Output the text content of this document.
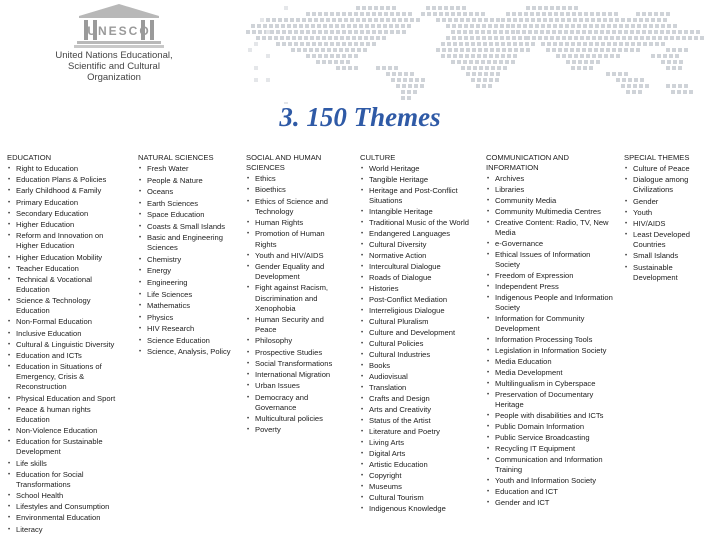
UNESCO
United Nations Educational,
Scientific and Cultural Organization
3. 150 Themes
EDUCATION
• Right to Education
• Education Plans & Policies
• Early Childhood & Family
• Primary Education
• Secondary Education
• Higher Education
• Reform and Innovation on Higher Education
• Higher Education Mobility
• Teacher Education
• Technical & Vocational Education
• Science & Technology Education
• Non-Formal Education
• Inclusive Education
• Cultural & Linguistic Diversity
• Education and ICTs
• Education in Situations of Emergency, Crisis & Reconstruction
• Physical Education and Sport
• Peace & human rights Education
• Non-Violence Education
• Education for Sustainable Development
• Life skills
• Education for Social Transformations
• School Health
• Lifestyles and Consumption
• Environmental Education
• Literacy
NATURAL SCIENCES
• Fresh Water
• People & Nature
• Oceans
• Earth Sciences
• Space Education
• Coasts & Small Islands
• Basic and Engineering Sciences
• Chemistry
• Energy
• Engineering
• Life Sciences
• Mathematics
• Physics
• HIV Research
• Science Education
• Science, Analysis, Policy
SOCIAL AND HUMAN SCIENCES
• Ethics
• Bioethics
• Ethics of Science and Technology
• Human Rights
• Promotion of Human Rights
• Youth and HIV/AIDS
• Gender Equality and Development
• Fight against Racism, Discrimination and Xenophobia
• Human Security and Peace
• Philosophy
• Prospective Studies
• Social Transformations
• International Migration
• Urban Issues
• Democracy and Governance
• Multicultural policies
• Poverty
CULTURE
• World Heritage
• Tangible Heritage
• Heritage and Post-Conflict Situations
• Intangible Heritage
• Traditional Music of the World
• Endangered Languages
• Cultural Diversity
• Normative Action
• Intercultural Dialogue
• Roads of Dialogue
• Histories
• Post-Conflict Mediation
• Interreligious Dialogue
• Cultural Pluralism
• Culture and Development
• Cultural Policies
• Cultural Industries
• Books
• Audiovisual
• Translation
• Crafts and Design
• Arts and Creativity
• Status of the Artist
• Literature and Poetry
• Living Arts
• Digital Arts
• Artistic Education
• Copyright
• Museums
• Cultural Tourism
• Indigenous Knowledge
COMMUNICATION AND INFORMATION
• Archives
• Libraries
• Community Media
• Community Multimedia Centres
• Creative Content: Radio, TV, New Media
• e-Governance
• Ethical Issues of Information Society
• Freedom of Expression
• Independent Press
• Indigenous People and Information Society
• Information for Community Development
• Information Processing Tools
• Legislation in Information Society
• Media Education
• Media Development
• Multilingualism in Cyberspace
• Preservation of Documentary Heritage
• People with disabilities and ICTs
• Public Domain Information
• Public Service Broadcasting
• Recycling IT Equipment
• Communication and Information Training
• Youth and Information Society
• Education and ICT
• Gender and ICT
SPECIAL THEMES
• Culture of Peace
• Dialogue among Civilizations
• Gender
• Youth
• HIV/AIDS
• Least Developed Countries
• Small Islands
• Sustainable Development
